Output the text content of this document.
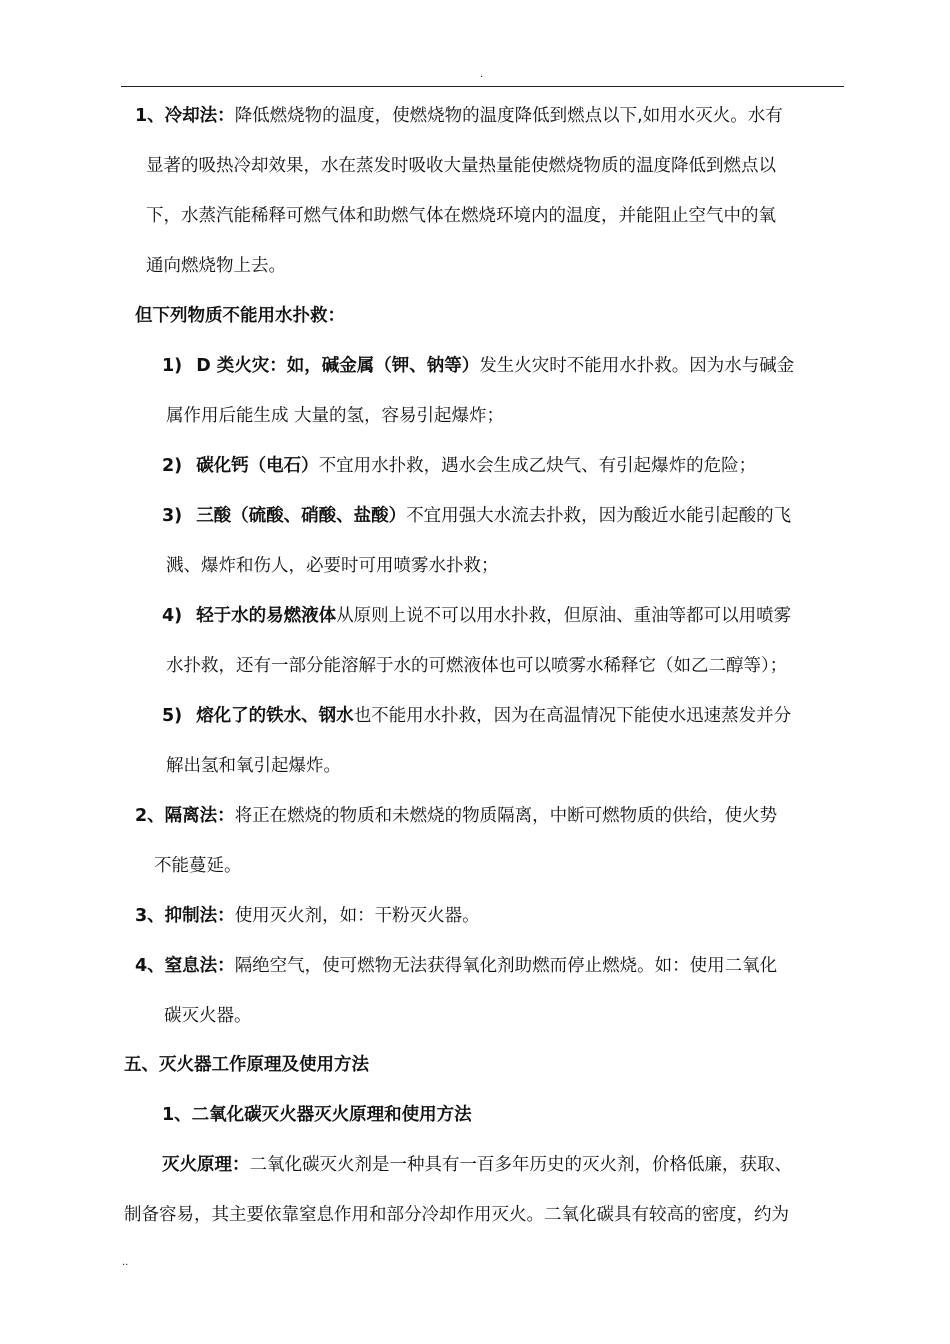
.
1、冷却法：降低燃烧物的温度，使燃烧物的温度降低到燃点以下,如用水灭火。水有
显著的吸热冷却效果，水在蒸发时吸收大量热量能使燃烧物质的温度降低到燃点以
下，水蒸汽能稀释可燃气体和助燃气体在燃烧环境内的温度，并能阻止空气中的氧
通向燃烧物上去。
但下列物质不能用水扑救：
1) D 类火灾：如，碱金属（钾、钠等）发生火灾时不能用水扑救。因为水与碱金
属作用后能生成 大量的氢，容易引起爆炸；
2) 碳化钙（电石）不宜用水扑救，遇水会生成乙炔气、有引起爆炸的危险；
3) 三酸（硫酸、硝酸、盐酸）不宜用强大水流去扑救，因为酸近水能引起酸的飞
溅、爆炸和伤人，必要时可用喷雾水扑救；
4) 轻于水的易燃液体从原则上说不可以用水扑救，但原油、重油等都可以用喷雾
水扑救，还有一部分能溶解于水的可燃液体也可以喷雾水稀释它（如乙二醇等）；
5) 熔化了的铁水、钢水也不能用水扑救，因为在高温情况下能使水迅速蒸发并分
解出氢和氧引起爆炸。
2、隔离法：将正在燃烧的物质和未燃烧的物质隔离，中断可燃物质的供给，使火势
不能蔓延。
3、抑制法：使用灭火剂，如：干粉灭火器。
4、窒息法：隔绝空气，使可燃物无法获得氧化剂助燃而停止燃烧。如：使用二氧化
碳灭火器。
五、灭火器工作原理及使用方法
1、二氧化碳灭火器灭火原理和使用方法
灭火原理：二氧化碳灭火剂是一种具有一百多年历史的灭火剂，价格低廉，获取、
制备容易，其主要依靠窒息作用和部分冷却作用灭火。二氧化碳具有较高的密度，约为
..
